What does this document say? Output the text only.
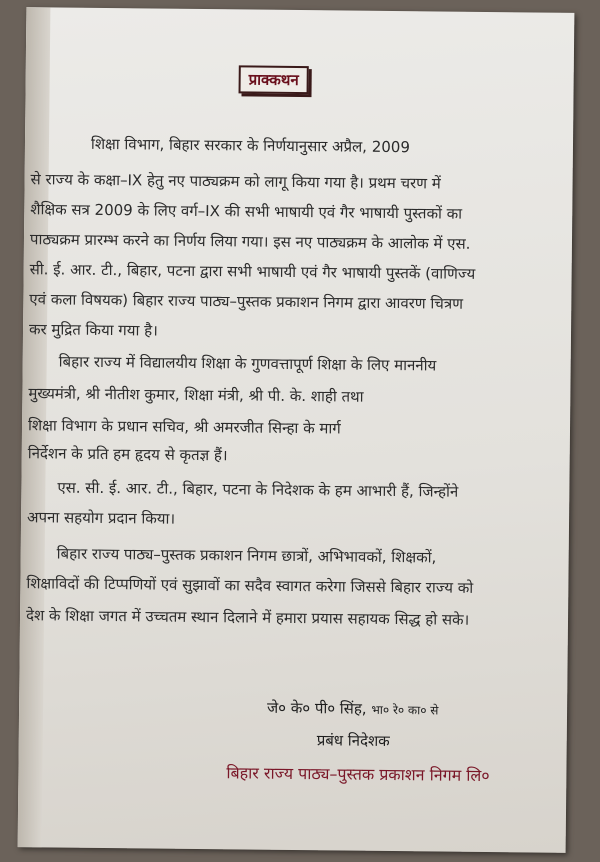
प्राक्कथन
शिक्षा विभाग, बिहार सरकार के निर्णयानुसार अप्रैल, 2009
से राज्य के कक्षा–IX हेतु नए पाठ्यक्रम को लागू किया गया है। प्रथम चरण में
शैक्षिक सत्र 2009 के लिए वर्ग–IX की सभी भाषायी एवं गैर भाषायी पुस्तकों का
पाठ्यक्रम प्रारम्भ करने का निर्णय लिया गया। इस नए पाठ्यक्रम के आलोक में एस.
सी. ई. आर. टी., बिहार, पटना द्वारा सभी भाषायी एवं गैर भाषायी पुस्तकें (वाणिज्य
एवं कला विषयक) बिहार राज्य पाठ्य–पुस्तक प्रकाशन निगम द्वारा आवरण चित्रण
कर मुद्रित किया गया है।
बिहार राज्य में विद्यालयीय शिक्षा के गुणवत्तापूर्ण शिक्षा के लिए माननीय
मुख्यमंत्री, श्री नीतीश कुमार, शिक्षा मंत्री, श्री पी. के. शाही तथा
शिक्षा विभाग के प्रधान सचिव, श्री अमरजीत सिन्हा के मार्ग
निर्देशन के प्रति हम हृदय से कृतज्ञ हैं।
एस. सी. ई. आर. टी., बिहार, पटना के निदेशक के हम आभारी हैं, जिन्होंने
अपना सहयोग प्रदान किया।
बिहार राज्य पाठ्य–पुस्तक प्रकाशन निगम छात्रों, अभिभावकों, शिक्षकों,
शिक्षाविदों की टिप्पणियों एवं सुझावों का सदैव स्वागत करेगा जिससे बिहार राज्य को
देश के शिक्षा जगत में उच्चतम स्थान दिलाने में हमारा प्रयास सहायक सिद्ध हो सके।
जे० के० पी० सिंह, भा० रे० का० से
प्रबंध निदेशक
बिहार राज्य पाठ्य–पुस्तक प्रकाशन निगम लि०
